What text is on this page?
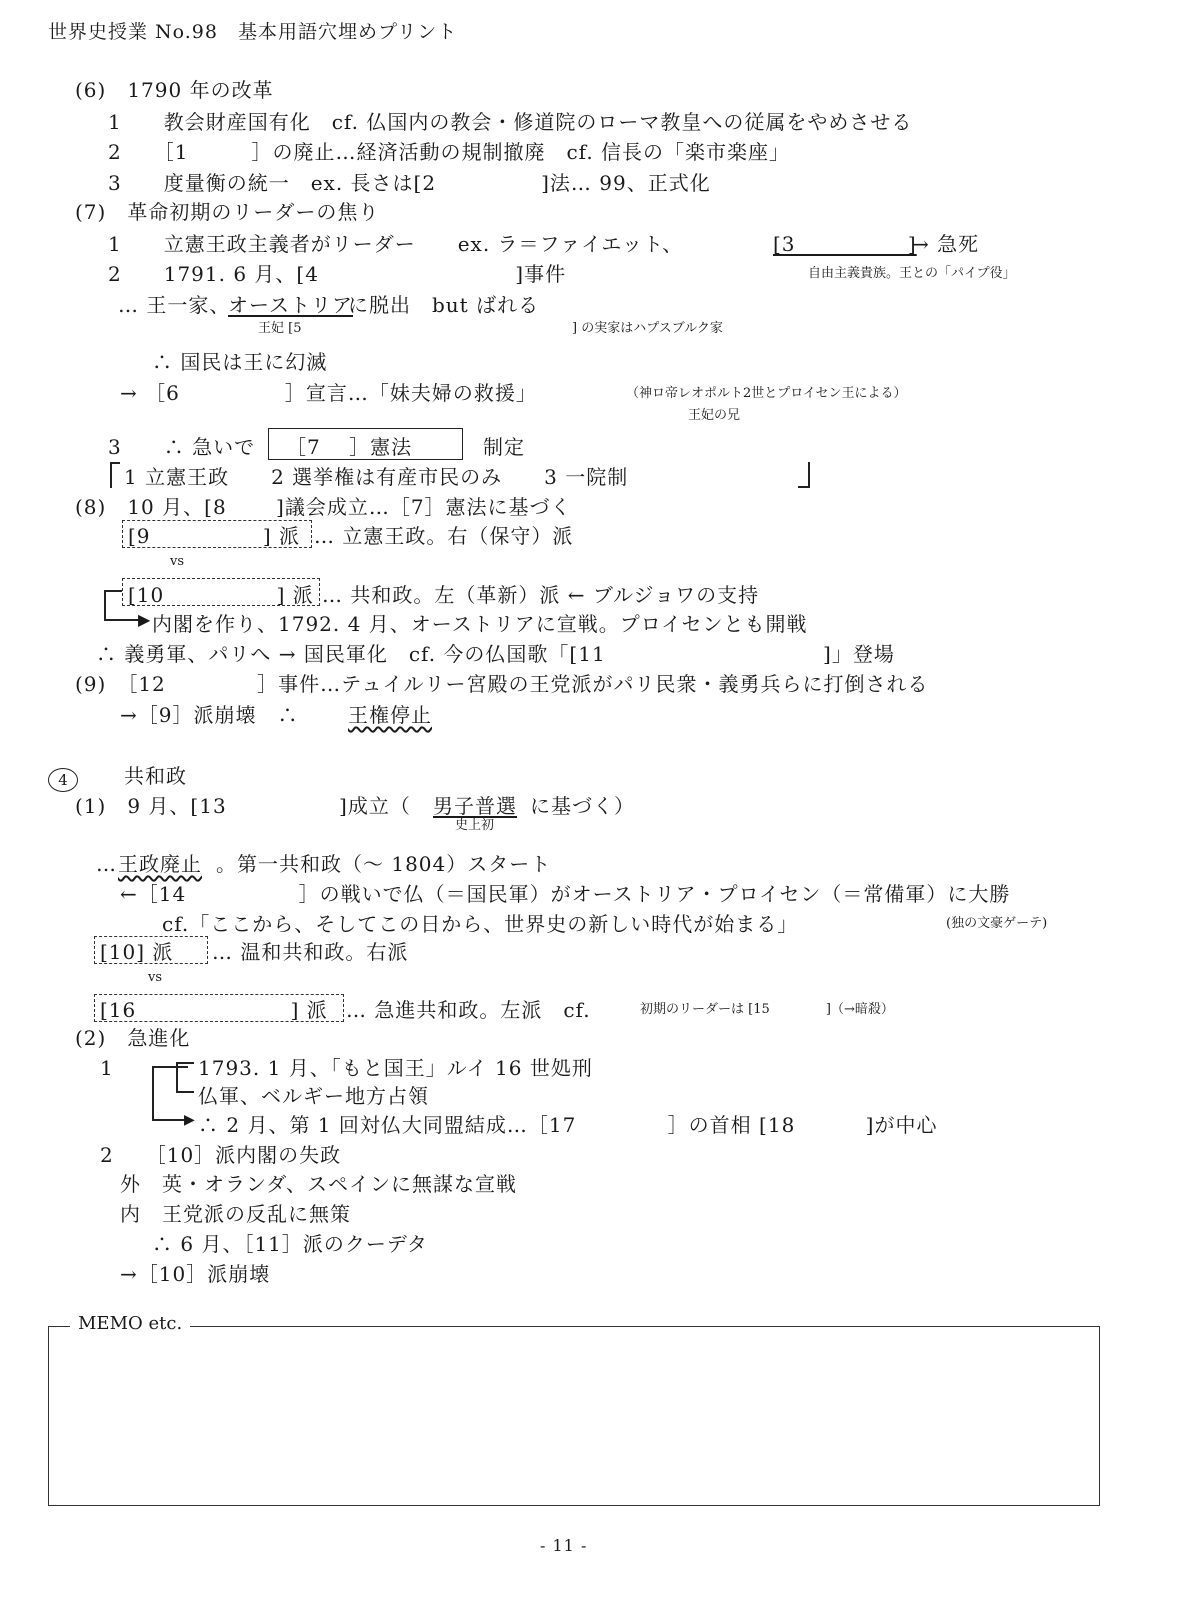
世界史授業 No.98　基本用語穴埋めプリント
(6)　1790 年の改革
1　　教会財産国有化　cf. 仏国内の教会・修道院のローマ教皇への従属をやめさせる
2　　［1　　　］の廃止…経済活動の規制撤廃　cf. 信長の「楽市楽座」
3　　度量衡の統一　ex. 長さは[2　　　　　]法… 99、正式化
(7)　革命初期のリーダーの焦り
1　　立憲王政主義者がリーダー　　ex. ラ＝ファイエット、	[3　　　　　 ]
→ 急死
2　　1791. 6 月、[4　　　　　　　　　 ]事件	自由主義貴族。王との「パイプ役」
… 王一家、
オーストリア
に脱出　but ばれる
王妃 [5	] の実家はハプスブルク家
∴ 国民は王に幻滅
→ ［6　　　　　］宣言…「妹夫婦の救援」	（神ロ帝レオポルト2世とプロイセン王による）
王妃の兄
3　　∴ 急いで ［7　 ］憲法	制定
1 立憲王政　　2 選挙権は有産市民のみ　　3 一院制
(8)　10 月、[8　　 ]議会成立…［7］憲法に基づく
[9　　　　　 ] 派 … 立憲王政。右（保守）派
vs
[10　　　　　 ] 派 … 共和政。左（革新）派 ← ブルジョワの支持
内閣を作り、1792. 4 月、オーストリアに宣戦。プロイセンとも開戦
∴ 義勇軍、パリへ → 国民軍化　cf. 今の仏国歌「[11　　　　　　　　　　 ]」登場
(9)　［12　　　　 ］事件…テュイルリー宮殿の王党派がパリ民衆・義勇兵らに打倒される
→［9］派崩壊　∴ 王権停止
共和政
(1)　9 月、[13　　　　　 ]成立（ 男子普選 に基づく）
史上初
… 王政廃止 。第一共和政（～ 1804）スタート
←［14　　　　　 ］の戦いで仏（＝国民軍）がオーストリア・プロイセン（＝常備軍）に大勝
cf.「ここから、そしてこの日から、世界史の新しい時代が始まる」	(独の文豪ゲーテ)
[10] 派 … 温和共和政。右派
vs
[16　　　　　　　 ] 派 … 急進共和政。左派　cf.	初期のリーダーは [15　　　　 ]（→暗殺）
(2)　急進化
1	1793. 1 月、「もと国王」ルイ 16 世処刑
仏軍、ベルギー地方占領
∴ 2 月、第 1 回対仏大同盟結成…［17　　　　 ］の首相 [18　　　 ]が中心
2　　［10］派内閣の失政
外　英・オランダ、スペインに無謀な宣戦
内　王党派の反乱に無策
∴ 6 月、［11］派のクーデタ
→［10］派崩壊
▶
4
▶
MEMO etc.
- 11 -
